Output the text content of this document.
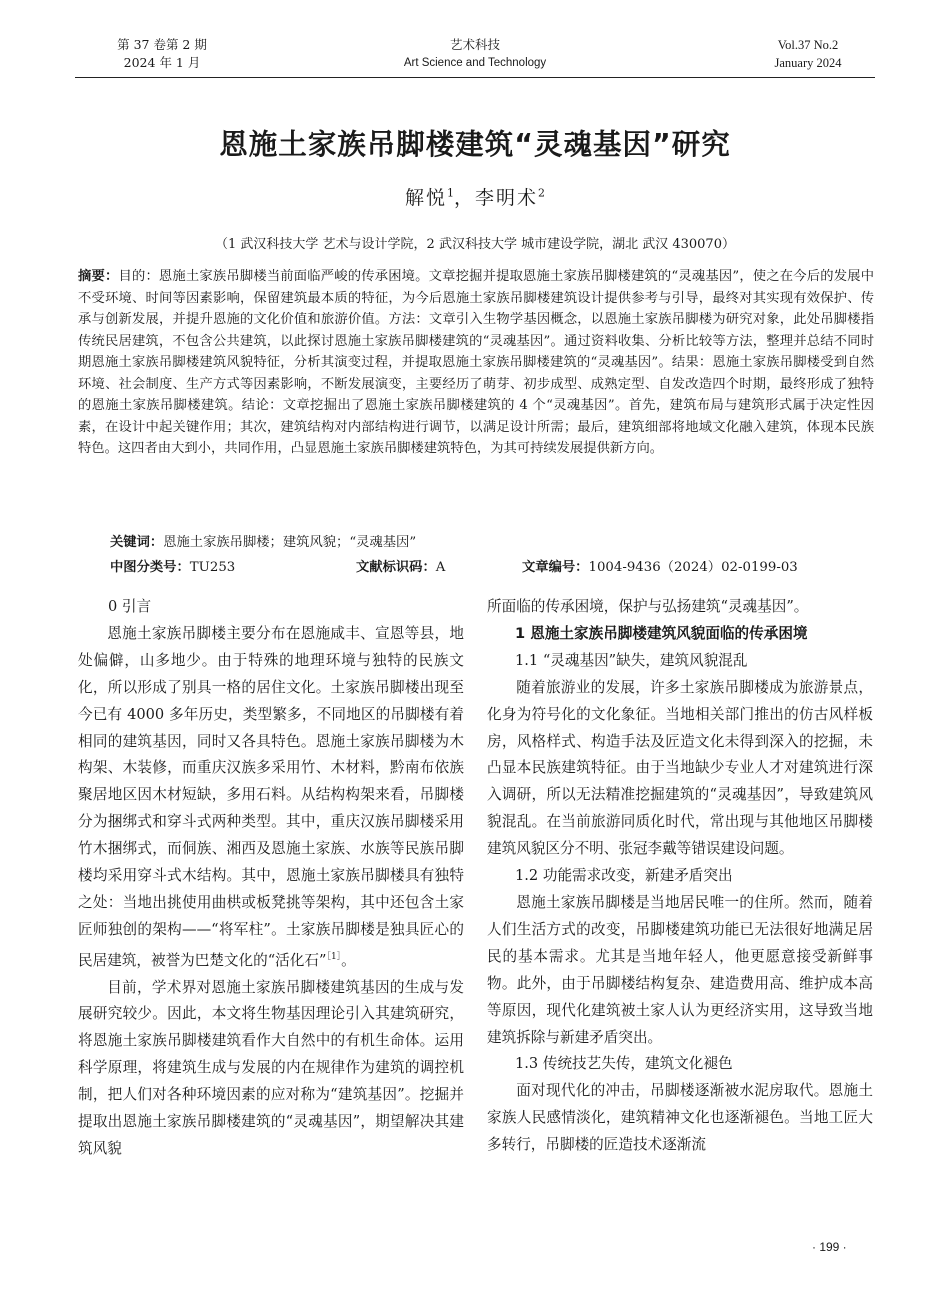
第 37 卷第 2 期
2024 年 1 月
艺术科技
Art Science and Technology
Vol.37 No.2
January 2024
恩施土家族吊脚楼建筑“灵魂基因”研究
解悦$^1$，李明术$^2$
（1 武汉科技大学 艺术与设计学院，2 武汉科技大学 城市建设学院，湖北 武汉 430070）
摘要：目的：恩施土家族吊脚楼当前面临严峻的传承困境。文章挖掘并提取恩施土家族吊脚楼建筑的“灵魂基因”，使之在今后的发展中不受环境、时间等因素影响，保留建筑最本质的特征，为今后恩施土家族吊脚楼建筑设计提供参考与引导，最终对其实现有效保护、传承与创新发展，并提升恩施的文化价值和旅游价值。方法：文章引入生物学基因概念，以恩施土家族吊脚楼为研究对象，此处吊脚楼指传统民居建筑，不包含公共建筑，以此探讨恩施土家族吊脚楼建筑的“灵魂基因”。通过资料收集、分析比较等方法，整理并总结不同时期恩施土家族吊脚楼建筑风貌特征，分析其演变过程，并提取恩施土家族吊脚楼建筑的“灵魂基因”。结果：恩施土家族吊脚楼受到自然环境、社会制度、生产方式等因素影响，不断发展演变，主要经历了萌芽、初步成型、成熟定型、自发改造四个时期，最终形成了独特的恩施土家族吊脚楼建筑。结论：文章挖掘出了恩施土家族吊脚楼建筑的 4 个“灵魂基因”。首先，建筑布局与建筑形式属于决定性因素，在设计中起关键作用；其次，建筑结构对内部结构进行调节，以满足设计所需；最后，建筑细部将地域文化融入建筑，体现本民族特色。这四者由大到小，共同作用，凸显恩施土家族吊脚楼建筑特色，为其可持续发展提供新方向。
关键词：恩施土家族吊脚楼；建筑风貌；“灵魂基因”
中图分类号：TU253	文献标识码：A	文章编号：1004-9436（2024）02-0199-03

0 引言

恩施土家族吊脚楼主要分布在恩施咸丰、宣恩等县，地处偏僻，山多地少。由于特殊的地理环境与独特的民族文化，所以形成了别具一格的居住文化。土家族吊脚楼出现至今已有 4000 多年历史，类型繁多，不同地区的吊脚楼有着相同的建筑基因，同时又各具特色。恩施土家族吊脚楼为木构架、木装修，而重庆汉族多采用竹、木材料，黔南布依族聚居地区因木材短缺，多用石料。从结构构架来看，吊脚楼分为捆绑式和穿斗式两种类型。其中，重庆汉族吊脚楼采用竹木捆绑式，而侗族、湘西及恩施土家族、水族等民族吊脚楼均采用穿斗式木结构。其中，恩施土家族吊脚楼具有独特之处：当地出挑使用曲栱或板凳挑等架构，其中还包含土家匠师独创的架构——“将军柱”。土家族吊脚楼是独具匠心的民居建筑，被誉为巴楚文化的“活化石”$^{[1]}$。

目前，学术界对恩施土家族吊脚楼建筑基因的生成与发展研究较少。因此，本文将生物基因理论引入其建筑研究，将恩施土家族吊脚楼建筑看作大自然中的有机生命体。运用科学原理，将建筑生成与发展的内在规律作为建筑的调控机制，把人们对各种环境因素的应对称为“建筑基因”。挖掘并提取出恩施土家族吊脚楼建筑的“灵魂基因”，期望解决其建筑风貌

所面临的传承困境，保护与弘扬建筑“灵魂基因”。

1 恩施土家族吊脚楼建筑风貌面临的传承困境

1.1 “灵魂基因”缺失，建筑风貌混乱

随着旅游业的发展，许多土家族吊脚楼成为旅游景点，化身为符号化的文化象征。当地相关部门推出的仿古风样板房，风格样式、构造手法及匠造文化未得到深入的挖掘，未凸显本民族建筑特征。由于当地缺少专业人才对建筑进行深入调研，所以无法精准挖掘建筑的“灵魂基因”，导致建筑风貌混乱。在当前旅游同质化时代，常出现与其他地区吊脚楼建筑风貌区分不明、张冠李戴等错误建设问题。

1.2 功能需求改变，新建矛盾突出

恩施土家族吊脚楼是当地居民唯一的住所。然而，随着人们生活方式的改变，吊脚楼建筑功能已无法很好地满足居民的基本需求。尤其是当地年轻人，他更愿意接受新鲜事物。此外，由于吊脚楼结构复杂、建造费用高、维护成本高等原因，现代化建筑被土家人认为更经济实用，这导致当地建筑拆除与新建矛盾突出。

1.3 传统技艺失传，建筑文化褪色

面对现代化的冲击，吊脚楼逐渐被水泥房取代。恩施土家族人民感情淡化，建筑精神文化也逐渐褪色。当地工匠大多转行，吊脚楼的匠造技术逐渐流

· 199 ·
